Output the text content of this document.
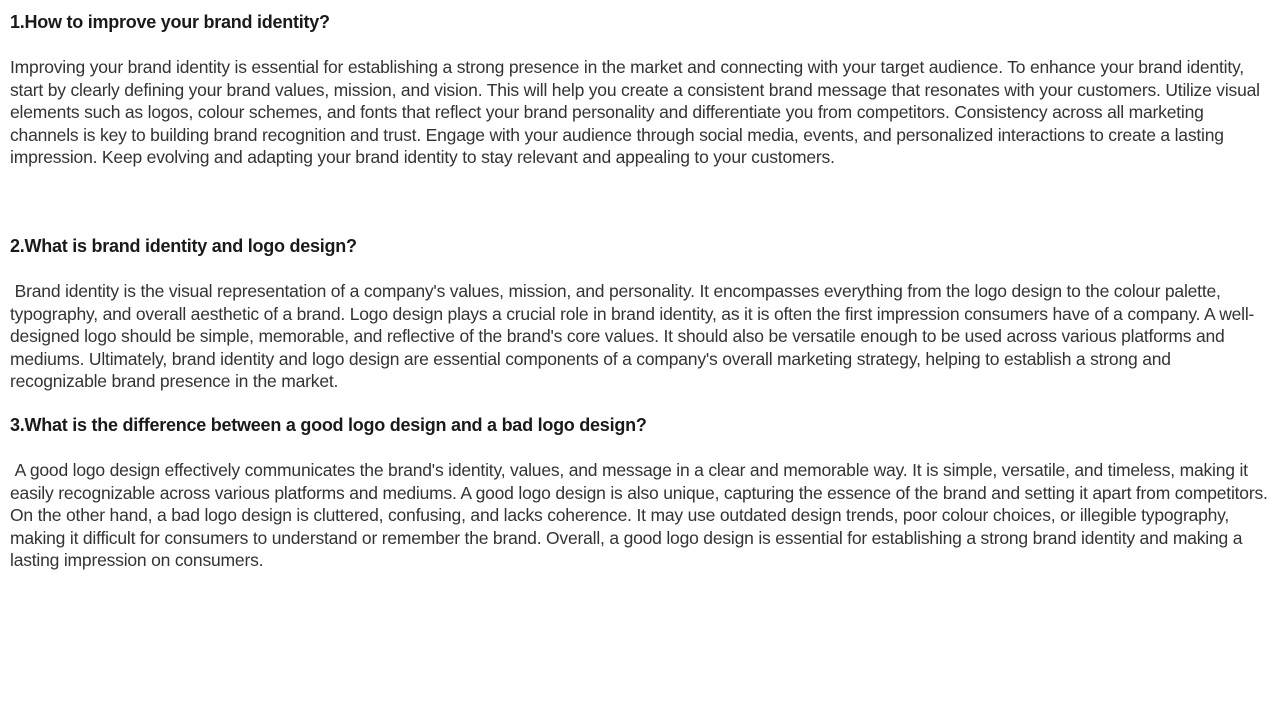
1.How to improve your brand identity?

Improving your brand identity is essential for establishing a strong presence in the market and connecting with your target audience. To enhance your brand identity, start by clearly defining your brand values, mission, and vision. This will help you create a consistent brand message that resonates with your customers. Utilize visual elements such as logos, colour schemes, and fonts that reflect your brand personality and differentiate you from competitors. Consistency across all marketing channels is key to building brand recognition and trust. Engage with your audience through social media, events, and personalized interactions to create a lasting impression. Keep evolving and adapting your brand identity to stay relevant and appealing to your customers.

2.What is brand identity and logo design?

Brand identity is the visual representation of a company's values, mission, and personality. It encompasses everything from the logo design to the colour palette, typography, and overall aesthetic of a brand. Logo design plays a crucial role in brand identity, as it is often the first impression consumers have of a company. A well-designed logo should be simple, memorable, and reflective of the brand's core values. It should also be versatile enough to be used across various platforms and mediums. Ultimately, brand identity and logo design are essential components of a company's overall marketing strategy, helping to establish a strong and recognizable brand presence in the market.

3.What is the difference between a good logo design and a bad logo design?

A good logo design effectively communicates the brand's identity, values, and message in a clear and memorable way. It is simple, versatile, and timeless, making it easily recognizable across various platforms and mediums. A good logo design is also unique, capturing the essence of the brand and setting it apart from competitors. On the other hand, a bad logo design is cluttered, confusing, and lacks coherence. It may use outdated design trends, poor colour choices, or illegible typography, making it difficult for consumers to understand or remember the brand. Overall, a good logo design is essential for establishing a strong brand identity and making a lasting impression on consumers.
